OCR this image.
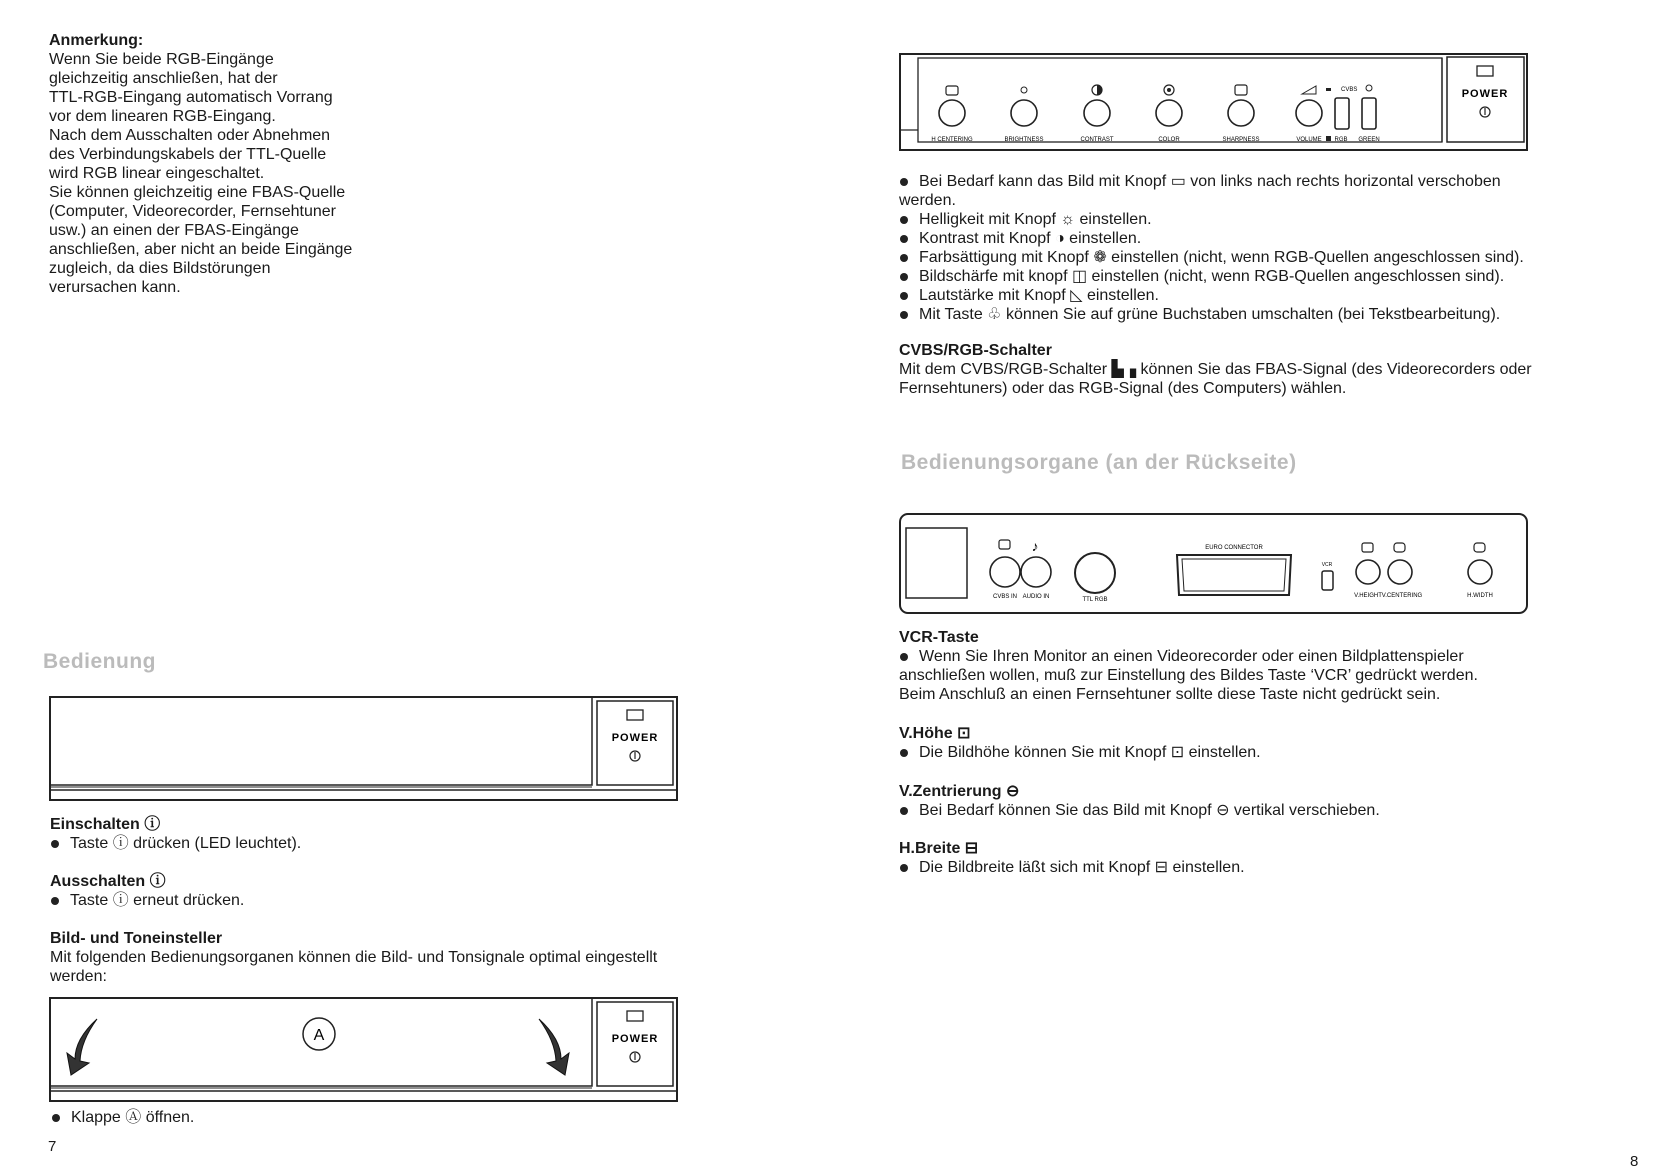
Anmerkung:
Wenn Sie beide RGB-Eingänge
gleichzeitig anschließen, hat der
TTL-RGB-Eingang automatisch Vorrang
vor dem linearen RGB-Eingang.
Nach dem Ausschalten oder Abnehmen
des Verbindungskabels der TTL-Quelle
wird RGB linear eingeschaltet.
Sie können gleichzeitig eine FBAS-Quelle
(Computer, Videorecorder, Fernsehtuner
usw.) an einen der FBAS-Eingänge
anschließen, aber nicht an beide Eingänge
zugleich, da dies Bildstörungen
verursachen kann.
Bedienung
POWER
Einschalten ⓘ
Taste ⓘ drücken (LED leuchtet).
Ausschalten ⓘ
Taste ⓘ erneut drücken.
Bild- und Toneinsteller
Mit folgenden Bedienungsorganen können die Bild- und Tonsignale optimal eingestellt
werden:
A	POWER
Klappe Ⓐ öffnen.
7
CVBS
H CENTERING	BRIGHTNESS	CONTRAST	COLOR	SHARPNESS	VOLUME RGB GREEN
POWER
Bei Bedarf kann das Bild mit Knopf ▭ von links nach rechts horizontal verschoben
werden.
Helligkeit mit Knopf ☼ einstellen.
Kontrast mit Knopf ◑ einstellen.
Farbsättigung mit Knopf ❁ einstellen (nicht, wenn RGB-Quellen angeschlossen sind).
Bildschärfe mit knopf ◫ einstellen (nicht, wenn RGB-Quellen angeschlossen sind).
Lautstärke mit Knopf ◺ einstellen.
Mit Taste ♧ können Sie auf grüne Buchstaben umschalten (bei Tekstbearbeitung).
CVBS/RGB-Schalter
Mit dem CVBS/RGB-Schalter ▙▗ können Sie das FBAS-Signal (des Videorecorders oder
Fernsehtuners) oder das RGB-Signal (des Computers) wählen.
Bedienungsorgane (an der Rückseite)
♪
CVBS IN AUDIO IN	TTL RGB
EURO CONNECTOR
VCR
V.HEIGHT V.CENTERING	H.WIDTH
VCR-Taste
Wenn Sie Ihren Monitor an einen Videorecorder oder einen Bildplattenspieler
anschließen wollen, muß zur Einstellung des Bildes Taste ‘VCR’ gedrückt werden.
Beim Anschluß an einen Fernsehtuner sollte diese Taste nicht gedrückt sein.
V.Höhe ⊡
Die Bildhöhe können Sie mit Knopf ⊡ einstellen.
V.Zentrierung ⊖
Bei Bedarf können Sie das Bild mit Knopf ⊖ vertikal verschieben.
H.Breite ⊟
Die Bildbreite läßt sich mit Knopf ⊟ einstellen.
8
